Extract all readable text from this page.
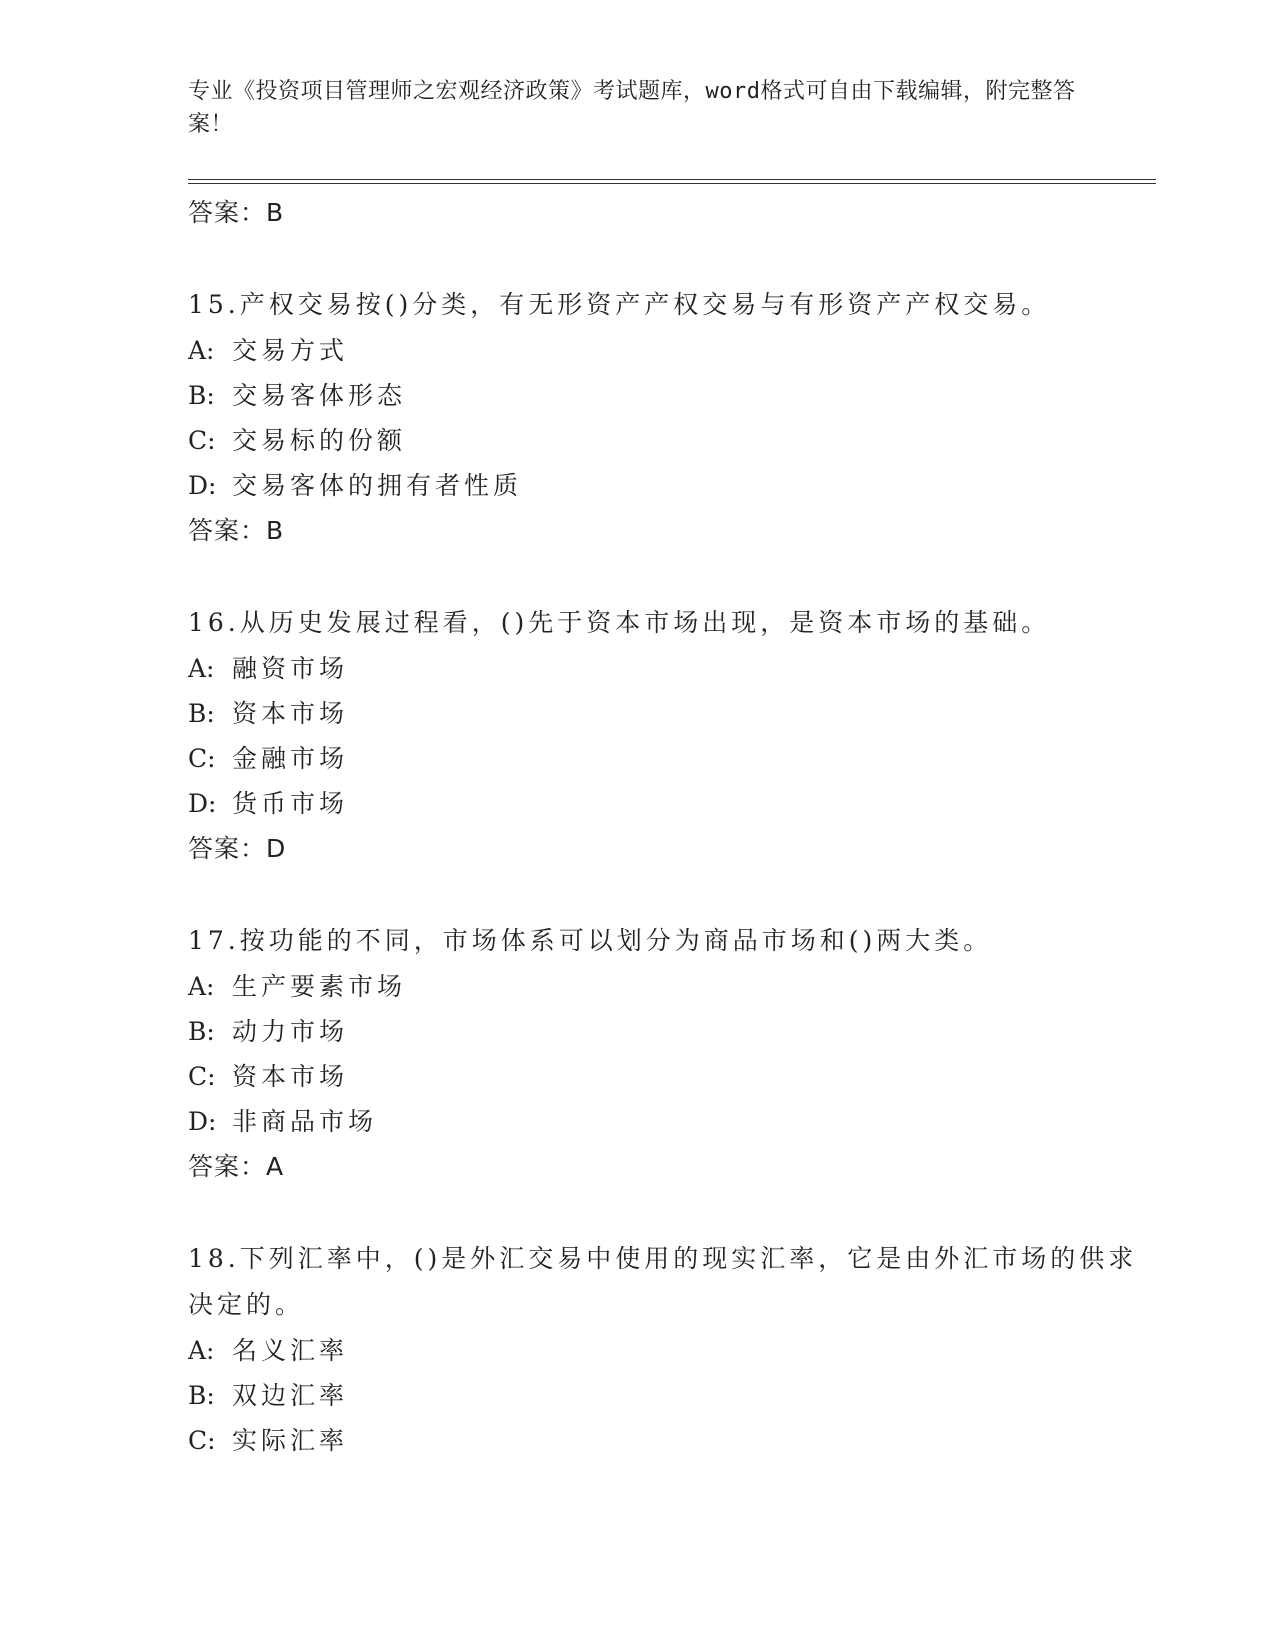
专业《投资项目管理师之宏观经济政策》考试题库，word格式可自由下载编辑，附完整答案！
答案：B
15.产权交易按()分类，有无形资产产权交易与有形资产产权交易。
A: 交易方式
B: 交易客体形态
C: 交易标的份额
D: 交易客体的拥有者性质
答案：B
16.从历史发展过程看，()先于资本市场出现，是资本市场的基础。
A: 融资市场
B: 资本市场
C: 金融市场
D: 货币市场
答案：D
17.按功能的不同，市场体系可以划分为商品市场和()两大类。
A: 生产要素市场
B: 动力市场
C: 资本市场
D: 非商品市场
答案：A
18.下列汇率中，()是外汇交易中使用的现实汇率，它是由外汇市场的供求决定的。
A: 名义汇率
B: 双边汇率
C: 实际汇率
